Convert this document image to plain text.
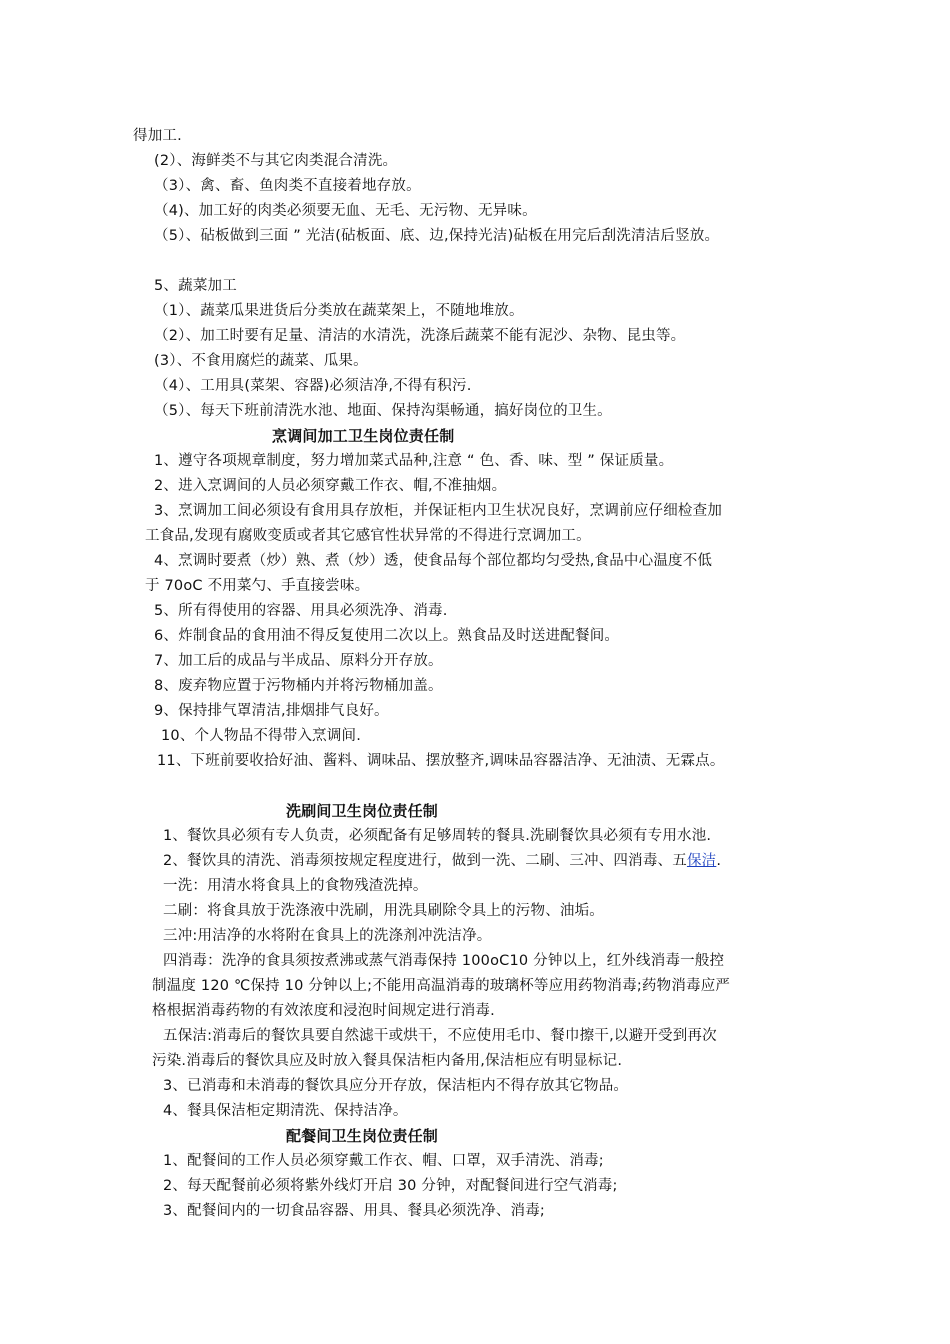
得加工.
(2）、海鲜类不与其它肉类混合清洗。
（3）、禽、畜、鱼肉类不直接着地存放。
（4)、加工好的肉类必须要无血、无毛、无污物、无异味。
（5）、砧板做到三面 ” 光洁(砧板面、底、边,保持光洁)砧板在用完后刮洗清洁后竖放。
5、蔬菜加工
（1）、蔬菜瓜果进货后分类放在蔬菜架上，不随地堆放。
（2）、加工时要有足量、清洁的水清洗，洗涤后蔬菜不能有泥沙、杂物、昆虫等。
(3）、不食用腐烂的蔬菜、瓜果。
（4）、工用具(菜架、容器)必须洁净,不得有积污.
（5）、每天下班前清洗水池、地面、保持沟渠畅通，搞好岗位的卫生。
烹调间加工卫生岗位责任制
1、遵守各项规章制度，努力增加菜式品种,注意 “ 色、香、味、型 ” 保证质量。
2、进入烹调间的人员必须穿戴工作衣、帽,不准抽烟。
3、烹调加工间必须设有食用具存放柜，并保证柜内卫生状况良好，烹调前应仔细检查加
工食品,发现有腐败变质或者其它感官性状异常的不得进行烹调加工。
4、烹调时要煮（炒）熟、煮（炒）透，使食品每个部位都均匀受热,食品中心温度不低
于 70oC 不用菜勺、手直接尝味。
5、所有得使用的容器、用具必须洗净、消毒.
6、炸制食品的食用油不得反复使用二次以上。熟食品及时送进配餐间。
7、加工后的成品与半成品、原料分开存放。
8、废弃物应置于污物桶内并将污物桶加盖。
9、保持排气罩清洁,排烟排气良好。
10、个人物品不得带入烹调间.
11、下班前要收拾好油、酱料、调味品、摆放整齐,调味品容器洁净、无油渍、无霖点。
洗刷间卫生岗位责任制
1、餐饮具必须有专人负责，必须配备有足够周转的餐具.洗刷餐饮具必须有专用水池.
2、餐饮具的清洗、消毒须按规定程度进行，做到一洗、二刷、三冲、四消毒、五保洁.
一洗：用清水将食具上的食物残渣洗掉。
二刷：将食具放于洗涤液中洗刷，用洗具刷除令具上的污物、油垢。
三冲:用洁净的水将附在食具上的洗涤剂冲洗洁净。
四消毒：洗净的食具须按煮沸或蒸气消毒保持 100oC10 分钟以上，红外线消毒一般控
制温度 120 ℃保持 10 分钟以上;不能用高温消毒的玻璃杯等应用药物消毒;药物消毒应严
格根据消毒药物的有效浓度和浸泡时间规定进行消毒.
五保洁:消毒后的餐饮具要自然滤干或烘干，不应使用毛巾、餐巾擦干,以避开受到再次
污染.消毒后的餐饮具应及时放入餐具保洁柜内备用,保洁柜应有明显标记.
3、已消毒和未消毒的餐饮具应分开存放，保洁柜内不得存放其它物品。
4、餐具保洁柜定期清洗、保持洁净。
配餐间卫生岗位责任制
1、配餐间的工作人员必须穿戴工作衣、帽、口罩，双手清洗、消毒;
2、每天配餐前必须将紫外线灯开启 30 分钟，对配餐间进行空气消毒;
3、配餐间内的一切食品容器、用具、餐具必须洗净、消毒;
